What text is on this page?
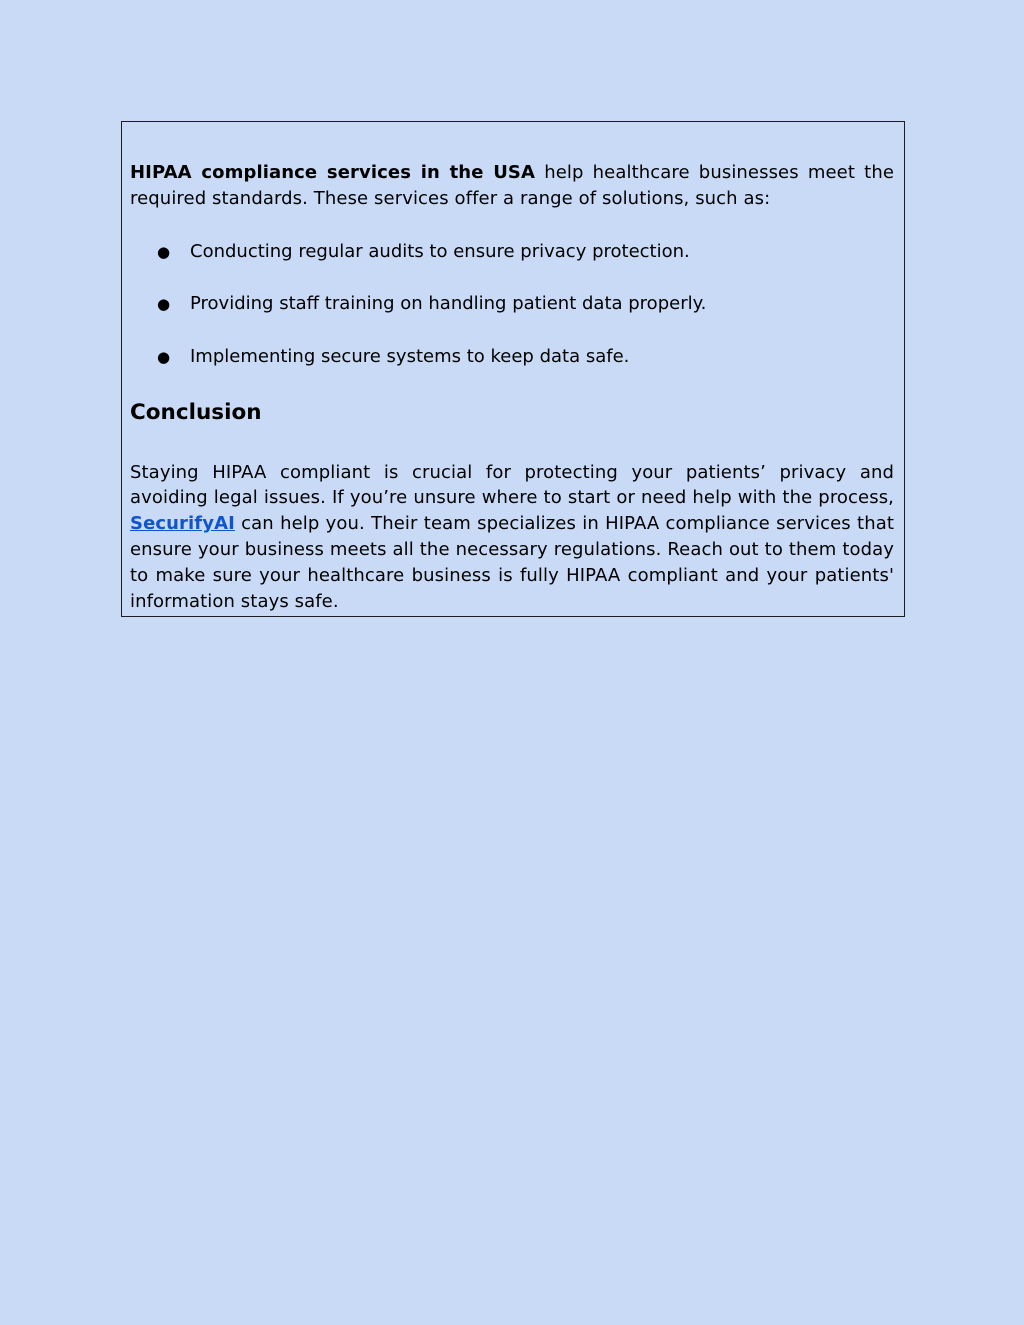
HIPAA compliance services in the USA help healthcare businesses meet the required standards. These services offer a range of solutions, such as:

●	Conducting regular audits to ensure privacy protection.
●	Providing staff training on handling patient data properly.
●	Implementing secure systems to keep data safe.
Conclusion

Staying HIPAA compliant is crucial for protecting your patients’ privacy and avoiding legal issues. If you’re unsure where to start or need help with the process, SecurifyAI can help you. Their team specializes in HIPAA compliance services that ensure your business meets all the necessary regulations. Reach out to them today to make sure your healthcare business is fully HIPAA compliant and your patients' information stays safe.
